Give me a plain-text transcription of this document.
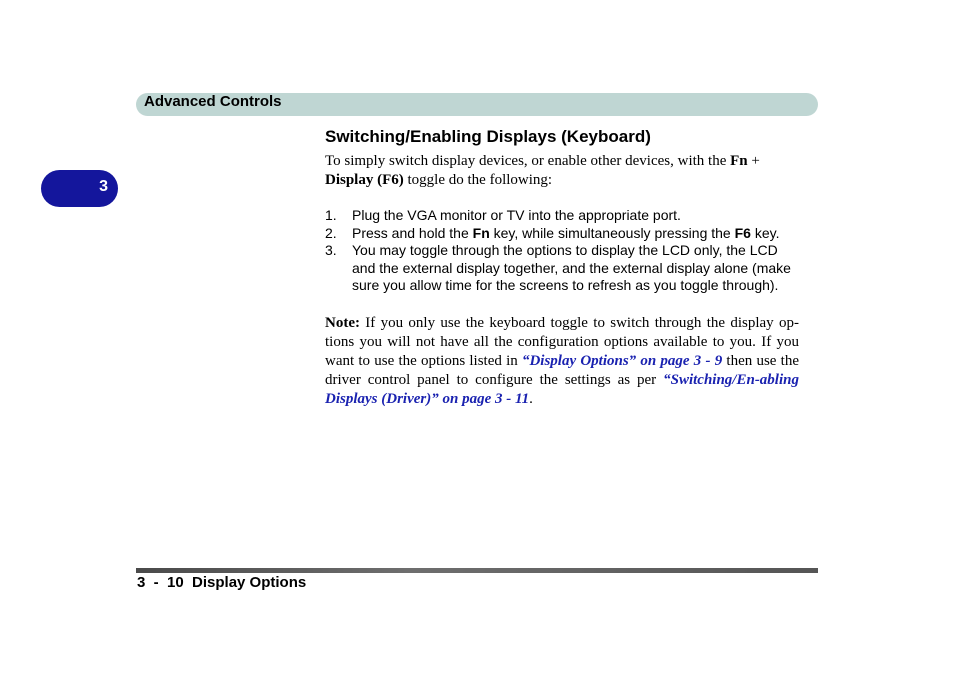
Advanced Controls
3
Switching/Enabling Displays (Keyboard)

To simply switch display devices, or enable other devices, with the Fn + Display (F6) toggle do the following:

1. Plug the VGA monitor or TV into the appropriate port.
2. Press and hold the Fn key, while simultaneously pressing the F6 key.
3. You may toggle through the options to display the LCD only, the LCD and the external display together, and the external display alone (make sure you allow time for the screens to refresh as you toggle through).

Note: If you only use the keyboard toggle to switch through the display op-tions you will not have all the configuration options available to you. If you want to use the options listed in “Display Options” on page 3 - 9 then use the driver control panel to configure the settings as per “Switching/En-abling Displays (Driver)” on page 3 - 11.

3  -  10  Display Options
